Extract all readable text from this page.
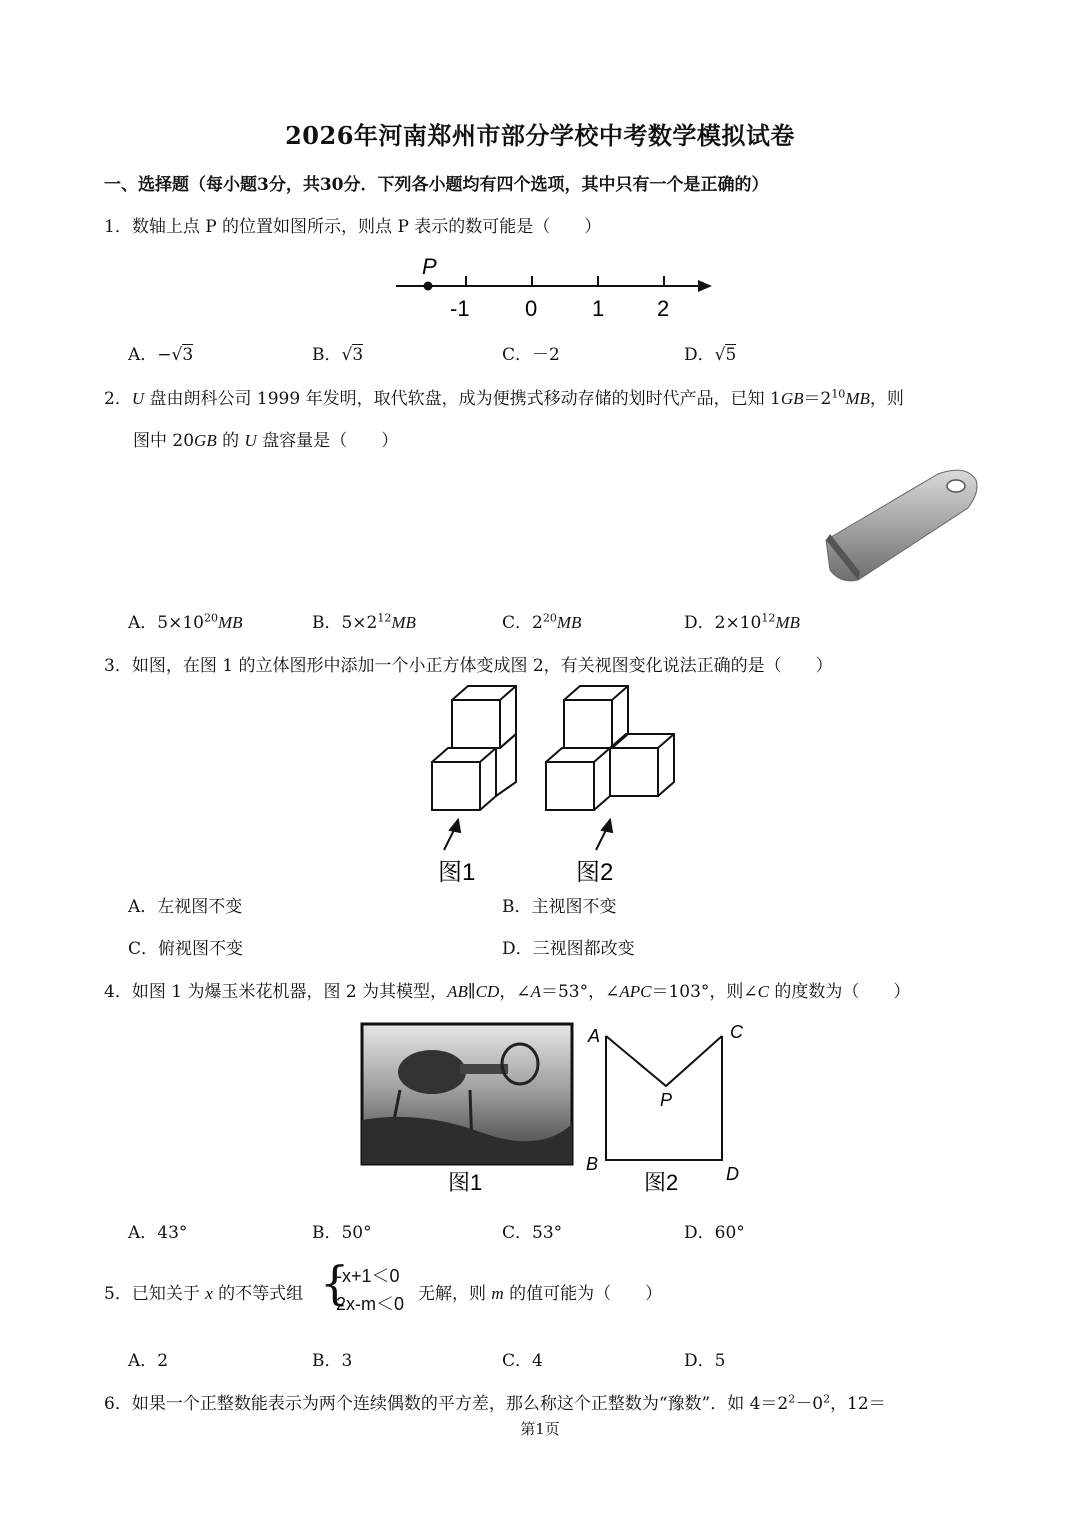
2026年河南郑州市部分学校中考数学模拟试卷
一、选择题（每小题3分，共30分．下列各小题均有四个选项，其中只有一个是正确的）
1．数轴上点 P 的位置如图所示，则点 P 表示的数可能是（　　）
P
-1	0 1 2
A．−√3	B．√3	C．－2	D．√5
2．U 盘由朗科公司 1999 年发明，取代软盘，成为便携式移动存储的划时代产品，已知 $1GB=2^{10}MB$，则
图中 20GB 的 U 盘容量是（　　）
A．$5\times 10^{20}MB$	B．$5\times 2^{12}MB$	C．$2^{20}MB$	D．$2\times 10^{12}MB$
3．如图，在图 1 的立体图形中添加一个小正方体变成图 2，有关视图变化说法正确的是（　　）
图1	图2
A．左视图不变	B．主视图不变
C．俯视图不变	D．三视图都改变
4．如图 1 为爆玉米花机器，图 2 为其模型，AB∥CD，∠A＝53°，∠APC＝103°，则∠C 的度数为（　　）
图1
A	C
P
B	D
图2
A．43°	B．50°	C．53°	D．60°
5．已知关于 x 的不等式组 {
-x+1＜0
2x-m＜0 无解，则 m 的值可能为（　　）
A．2	B．3	C．4	D．5
6．如果一个正整数能表示为两个连续偶数的平方差，那么称这个正整数为“豫数”．如 $4=2^2-0^2$，12＝
第1页
